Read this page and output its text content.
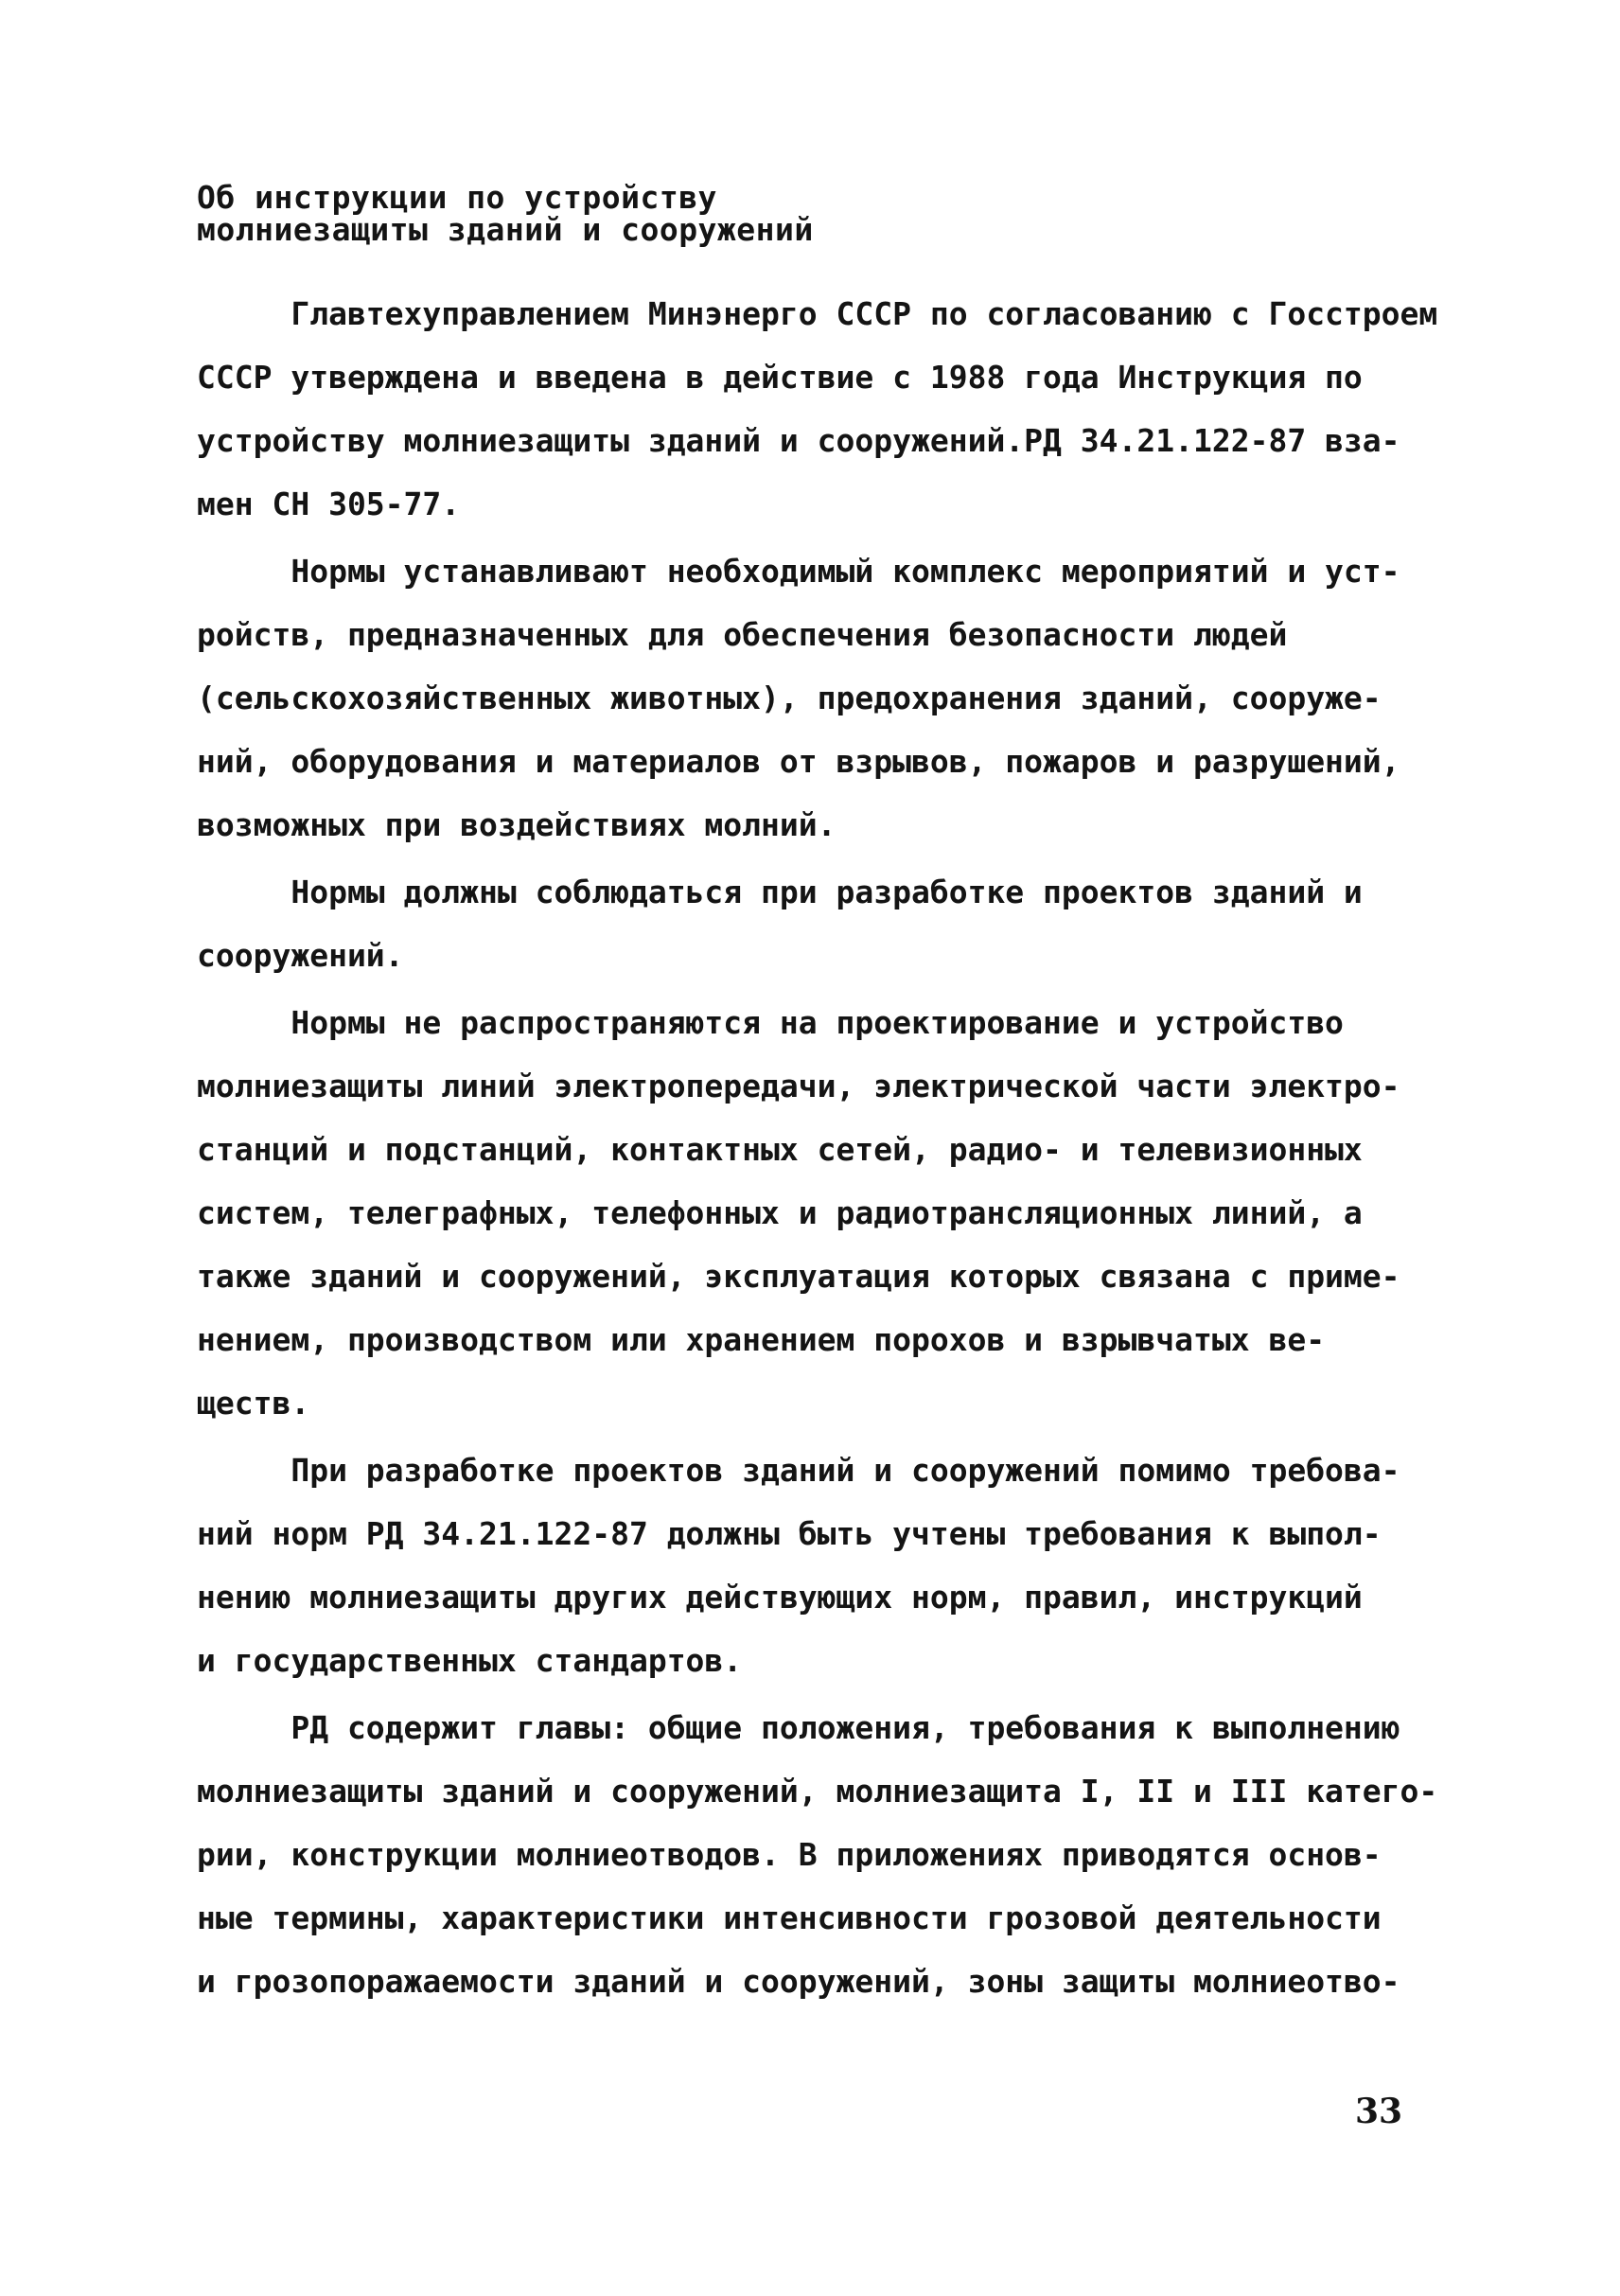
Об инструкции по устройству
молниезащиты зданий и сооружений
Главтехуправлением Минэнерго СССР по согласованию с Госстроем
СССР утверждена и введена в действие с 1988 года Инструкция по
устройству молниезащиты зданий и сооружений.РД 34.21.122-87 вза-
мен СН 305-77.
Нормы устанавливают необходимый комплекс мероприятий и уст-
ройств, предназначенных для обеспечения безопасности людей
(сельскохозяйственных животных), предохранения зданий, сооруже-
ний, оборудования и материалов от взрывов, пожаров и разрушений,
возможных при воздействиях молний.
Нормы должны соблюдаться при разработке проектов зданий и
сооружений.
Нормы не распространяются на проектирование и устройство
молниезащиты линий электропередачи, электрической части электро-
станций и подстанций, контактных сетей, радио- и телевизионных
систем, телеграфных, телефонных и радиотрансляционных линий, а
также зданий и сооружений, эксплуатация которых связана с приме-
нением, производством или хранением порохов и взрывчатых ве-
ществ.
При разработке проектов зданий и сооружений помимо требова-
ний норм РД 34.21.122-87 должны быть учтены требования к выпол-
нению молниезащиты других действующих норм, правил, инструкций
и государственных стандартов.
РД содержит главы: общие положения, требования к выполнению
молниезащиты зданий и сооружений, молниезащита I, II и III катего-
рии, конструкции молниеотводов. В приложениях приводятся основ-
ные термины, характеристики интенсивности грозовой деятельности
и грозопоражаемости зданий и сооружений, зоны защиты молниеотво-
33
